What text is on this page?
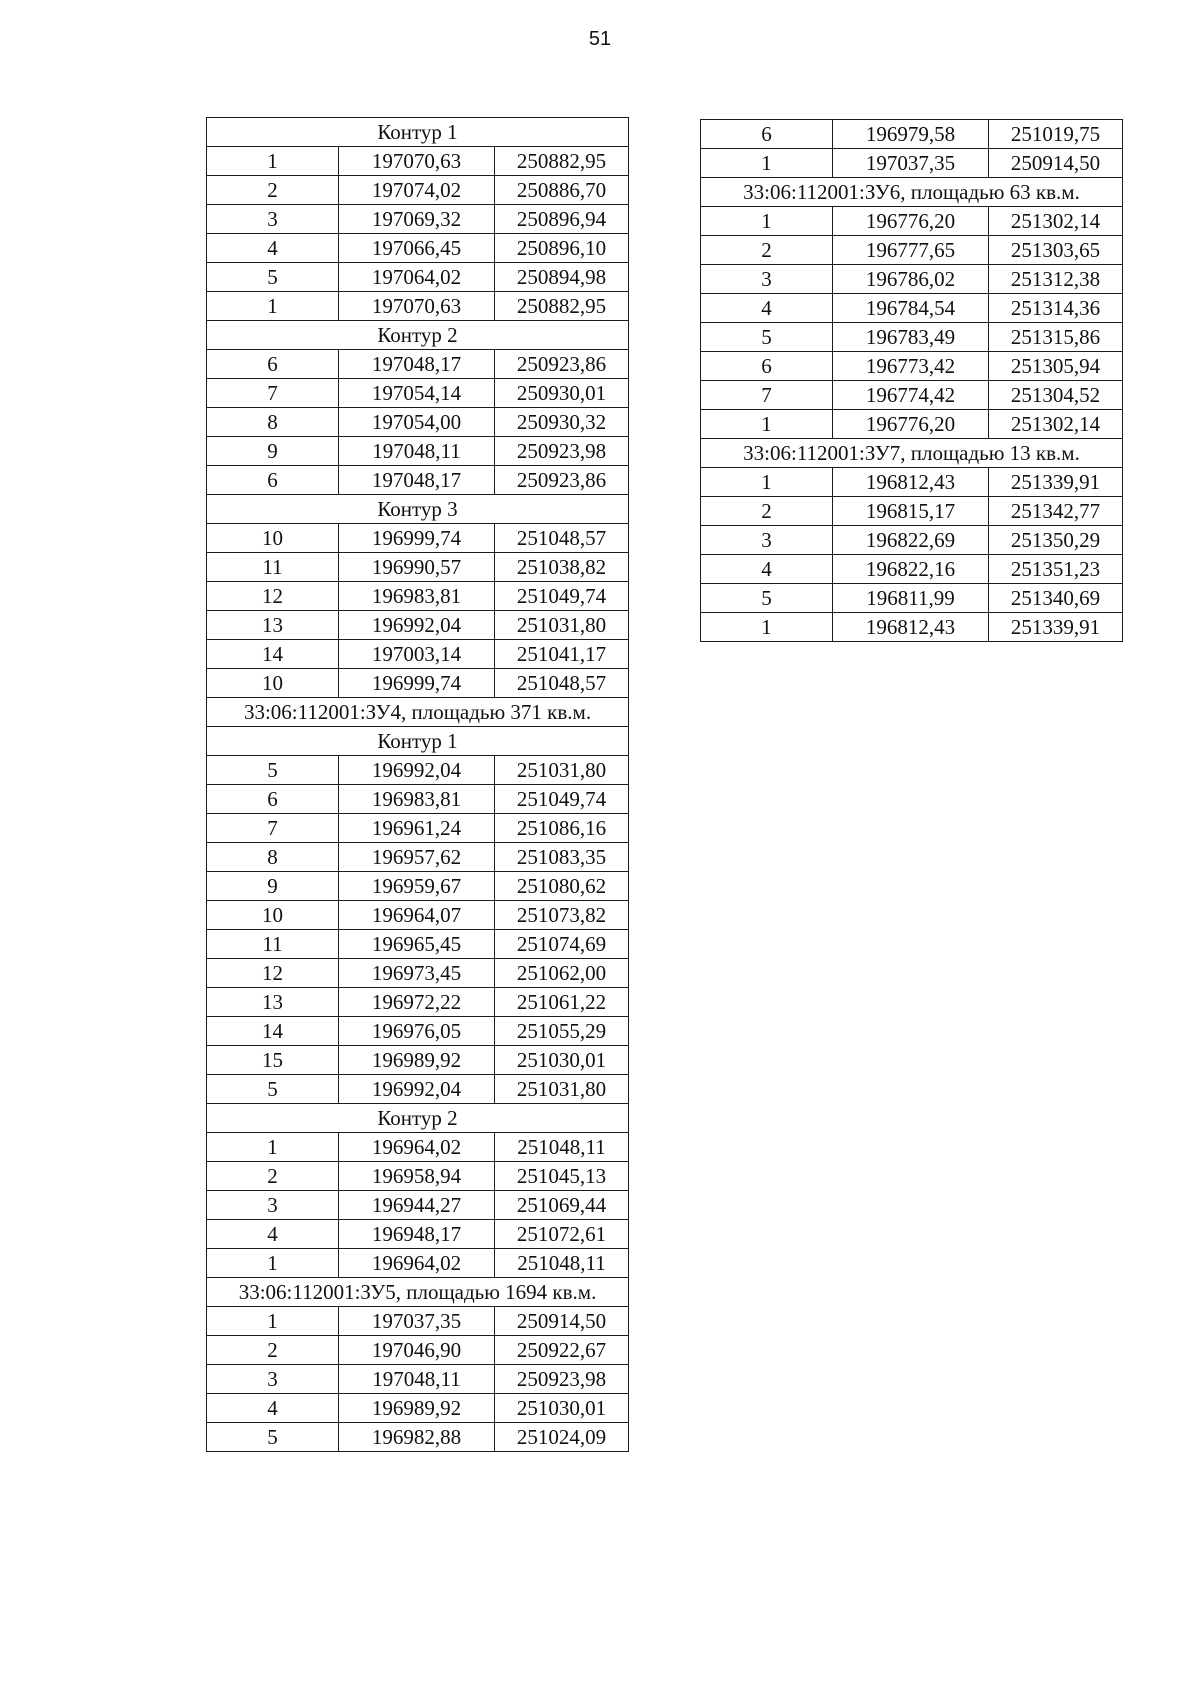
51
Контур 1		
1	197070,63	250882,95
2	197074,02	250886,70
3	197069,32	250896,94
4	197066,45	250896,10
5	197064,02	250894,98
1	197070,63	250882,95
Контур 2		
6	197048,17	250923,86
7	197054,14	250930,01
8	197054,00	250930,32
9	197048,11	250923,98
6	197048,17	250923,86
Контур 3		
10	196999,74	251048,57
11	196990,57	251038,82
12	196983,81	251049,74
13	196992,04	251031,80
14	197003,14	251041,17
10	196999,74	251048,57
33:06:112001:ЗУ4, площадью 371 кв.м.		
Контур 1		
5	196992,04	251031,80
6	196983,81	251049,74
7	196961,24	251086,16
8	196957,62	251083,35
9	196959,67	251080,62
10	196964,07	251073,82
11	196965,45	251074,69
12	196973,45	251062,00
13	196972,22	251061,22
14	196976,05	251055,29
15	196989,92	251030,01
5	196992,04	251031,80
Контур 2		
1	196964,02	251048,11
2	196958,94	251045,13
3	196944,27	251069,44
4	196948,17	251072,61
1	196964,02	251048,11
33:06:112001:ЗУ5, площадью 1694 кв.м.		
1	197037,35	250914,50
2	197046,90	250922,67
3	197048,11	250923,98
4	196989,92	251030,01
5	196982,88	251024,09
6	196979,58	251019,75
1	197037,35	250914,50
33:06:112001:ЗУ6, площадью 63 кв.м.		
1	196776,20	251302,14
2	196777,65	251303,65
3	196786,02	251312,38
4	196784,54	251314,36
5	196783,49	251315,86
6	196773,42	251305,94
7	196774,42	251304,52
1	196776,20	251302,14
33:06:112001:ЗУ7, площадью 13 кв.м.		
1	196812,43	251339,91
2	196815,17	251342,77
3	196822,69	251350,29
4	196822,16	251351,23
5	196811,99	251340,69
1	196812,43	251339,91
